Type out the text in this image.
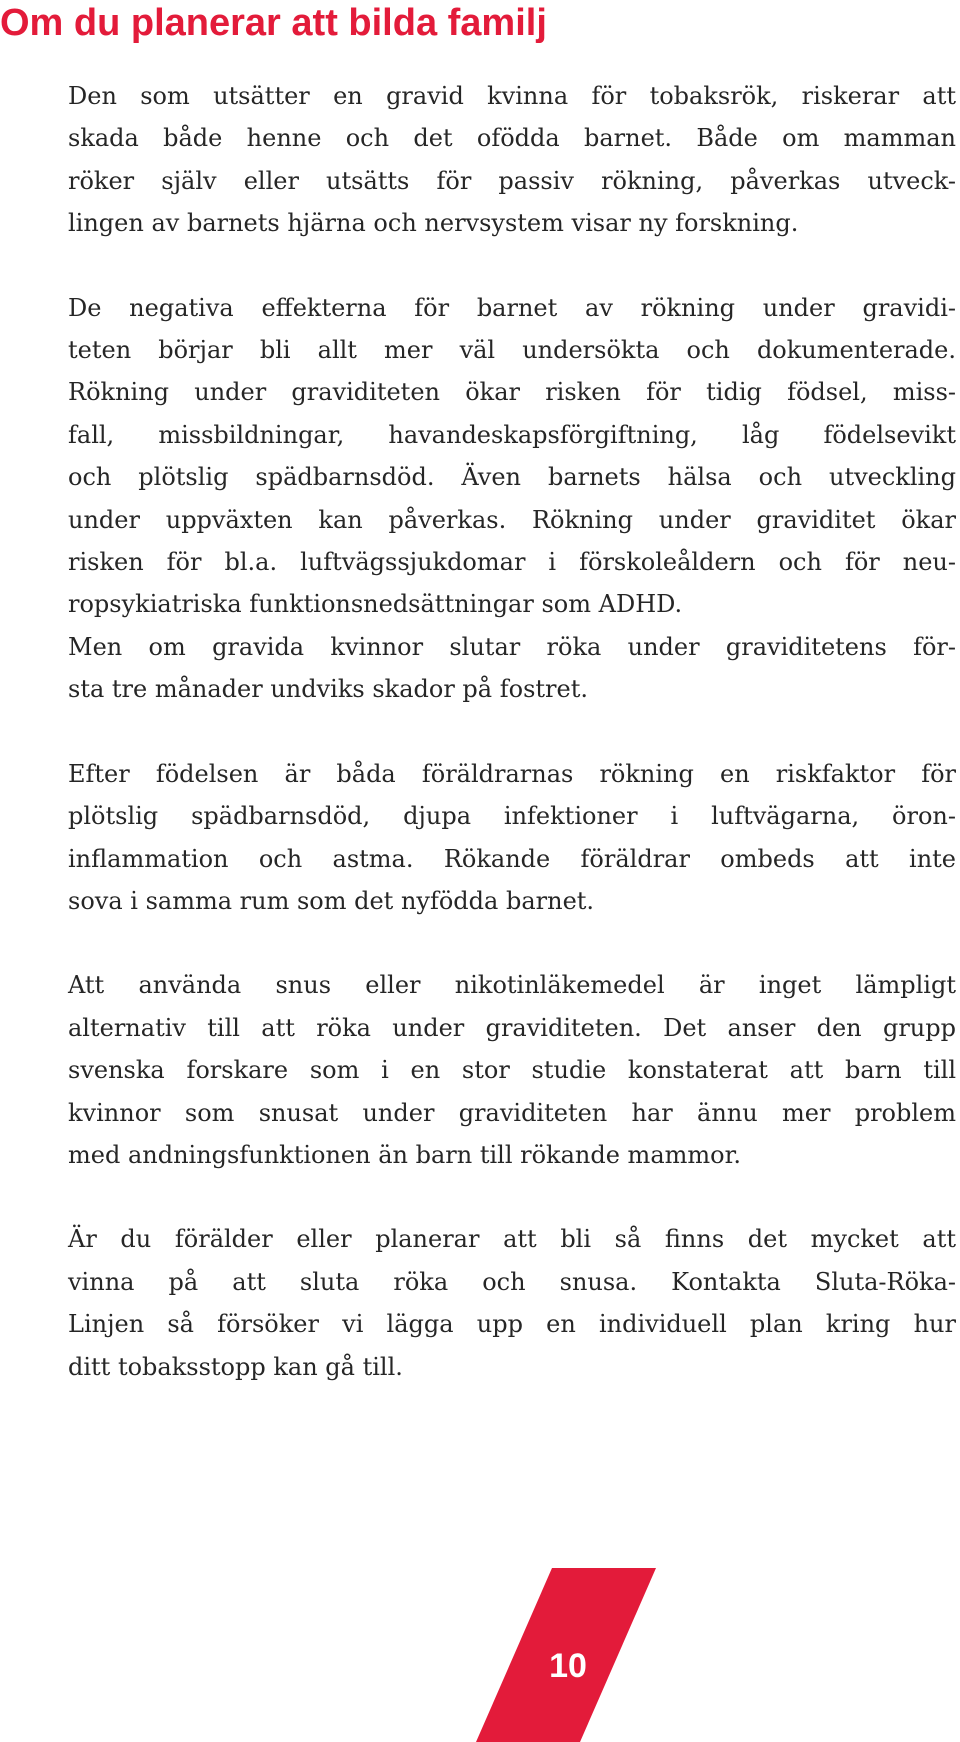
Om du planerar att bilda familj

Den som utsätter en gravid kvinna för tobaksrök, riskerar att
skada både henne och det ofödda barnet. Både om mamman
röker själv eller utsätts för passiv rökning, påverkas utveck-
lingen av barnets hjärna och nervsystem visar ny forskning.

De negativa effekterna för barnet av rökning under gravidi-
teten börjar bli allt mer väl undersökta och dokumenterade.
Rökning under graviditeten ökar risken för tidig födsel, miss-
fall, missbildningar, havandeskapsförgiftning, låg födelsevikt
och plötslig spädbarnsdöd. Även barnets hälsa och utveckling
under uppväxten kan påverkas. Rökning under graviditet ökar
risken för bl.a. luftvägssjukdomar i förskoleåldern och för neu-
ropsykiatriska funktionsnedsättningar som ADHD.
Men om gravida kvinnor slutar röka under graviditetens för-
sta tre månader undviks skador på fostret.

Efter födelsen är båda föräldrarnas rökning en riskfaktor för
plötslig spädbarnsdöd, djupa infektioner i luftvägarna, öron-
inflammation och astma. Rökande föräldrar ombeds att inte
sova i samma rum som det nyfödda barnet.

Att använda snus eller nikotinläkemedel är inget lämpligt
alternativ till att röka under graviditeten. Det anser den grupp
svenska forskare som i en stor studie konstaterat att barn till
kvinnor som snusat under graviditeten har ännu mer problem
med andningsfunktionen än barn till rökande mammor.

Är du förälder eller planerar att bli så finns det mycket att
vinna på att sluta röka och snusa. Kontakta Sluta-Röka-
Linjen så försöker vi lägga upp en individuell plan kring hur
ditt tobaksstopp kan gå till.

10
